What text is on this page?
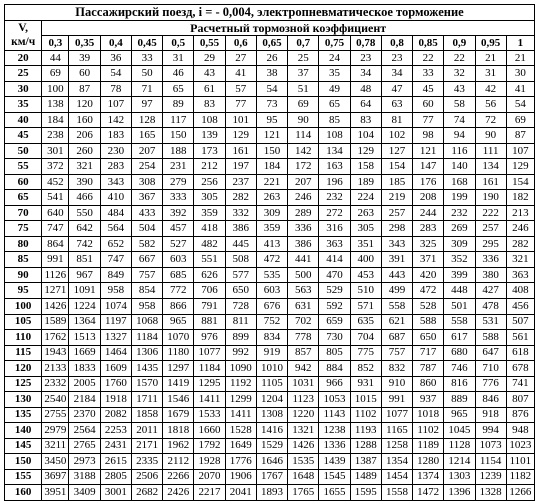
Пассажирский поезд, i = - 0,004, электропневматическое торможение																
V,
км/ч	Расчетный тормозной коэффициент															
	0,3	0,35	0,4	0,45	0,5	0,55	0,6	0,65	0,7	0,75	0,78	0,8	0,85	0,9	0,95	1
20	44	39	36	33	31	29	27	26	25	24	23	23	22	22	21	21
25	69	60	54	50	46	43	41	38	37	35	34	34	33	32	31	30
30	100	87	78	71	65	61	57	54	51	49	48	47	45	43	42	41
35	138	120	107	97	89	83	77	73	69	65	64	63	60	58	56	54
40	184	160	142	128	117	108	101	95	90	85	83	81	77	74	72	69
45	238	206	183	165	150	139	129	121	114	108	104	102	98	94	90	87
50	301	260	230	207	188	173	161	150	142	134	129	127	121	116	111	107
55	372	321	283	254	231	212	197	184	172	163	158	154	147	140	134	129
60	452	390	343	308	279	256	237	221	207	196	189	185	176	168	161	154
65	541	466	410	367	333	305	282	263	246	232	224	219	208	199	190	182
70	640	550	484	433	392	359	332	309	289	272	263	257	244	232	222	213
75	747	642	564	504	457	418	386	359	336	316	305	298	283	269	257	246
80	864	742	652	582	527	482	445	413	386	363	351	343	325	309	295	282
85	991	851	747	667	603	551	508	472	441	414	400	391	371	352	336	321
90	1126	967	849	757	685	626	577	535	500	470	453	443	420	399	380	363
95	1271	1091	958	854	772	706	650	603	563	529	510	499	472	448	427	408
100	1426	1224	1074	958	866	791	728	676	631	592	571	558	528	501	478	456
105	1589	1364	1197	1068	965	881	811	752	702	659	635	621	588	558	531	507
110	1762	1513	1327	1184	1070	976	899	834	778	730	704	687	650	617	588	561
115	1943	1669	1464	1306	1180	1077	992	919	857	805	775	757	717	680	647	618
120	2133	1833	1609	1435	1297	1184	1090	1010	942	884	852	832	787	746	710	678
125	2332	2005	1760	1570	1419	1295	1192	1105	1031	966	931	910	860	816	776	741
130	2540	2184	1918	1711	1546	1411	1299	1204	1123	1053	1015	991	937	889	846	807
135	2755	2370	2082	1858	1679	1533	1411	1308	1220	1143	1102	1077	1018	965	918	876
140	2979	2564	2253	2011	1818	1660	1528	1416	1321	1238	1193	1165	1102	1045	994	948
145	3211	2765	2431	2171	1962	1792	1649	1529	1426	1336	1288	1258	1189	1128	1073	1023
150	3450	2973	2615	2335	2112	1928	1776	1646	1535	1439	1387	1354	1280	1214	1154	1101
155	3697	3188	2805	2506	2266	2070	1906	1767	1648	1545	1489	1454	1374	1303	1239	1182
160	3951	3409	3001	2682	2426	2217	2041	1893	1765	1655	1595	1558	1472	1396	1328	1266
